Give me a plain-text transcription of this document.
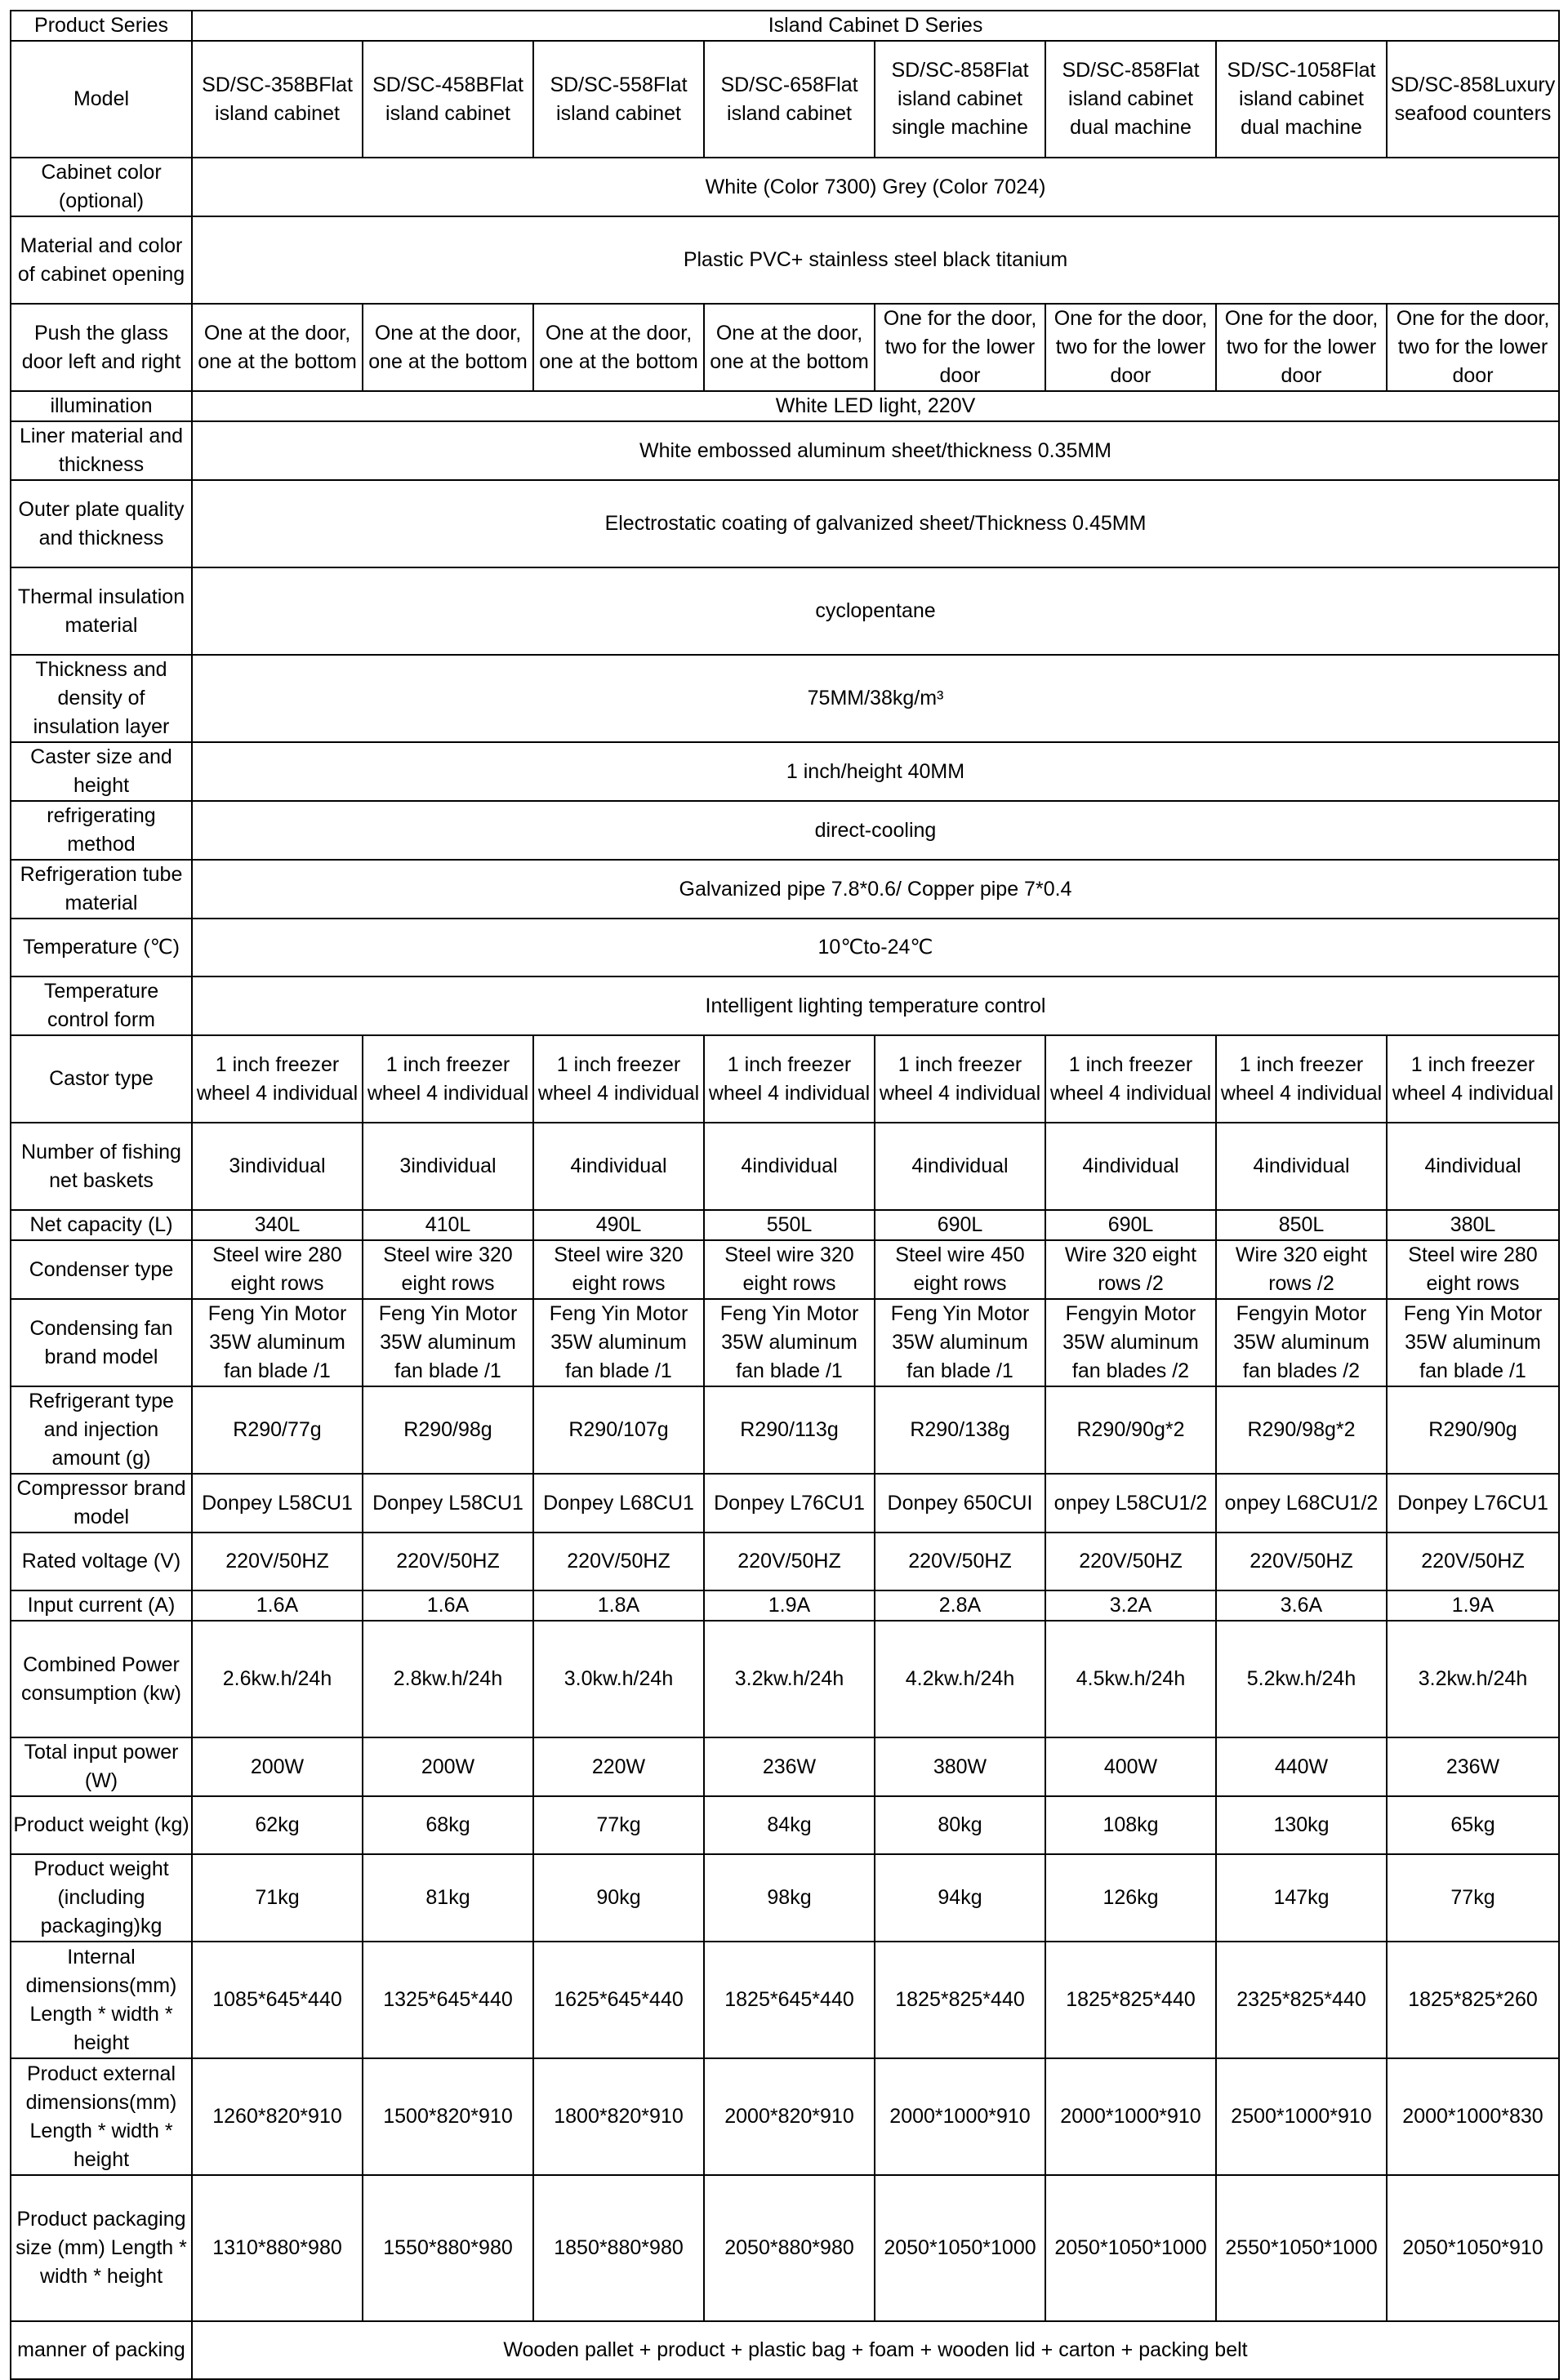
Product Series	Island Cabinet D Series							
Model	SD/SC-358BFlat island cabinet	SD/SC-458BFlat island cabinet	SD/SC-558Flat island cabinet	SD/SC-658Flat island cabinet	SD/SC-858Flat island cabinet single machine	SD/SC-858Flat island cabinet dual machine	SD/SC-1058Flat island cabinet dual machine	SD/SC-858Luxury seafood counters
Cabinet color (optional)	White (Color 7300) Grey (Color 7024)							
Material and color of cabinet opening	Plastic PVC+ stainless steel black titanium							
Push the glass door left and right	One at the door, one at the bottom	One at the door, one at the bottom	One at the door, one at the bottom	One at the door, one at the bottom	One for the door, two for the lower door	One for the door, two for the lower door	One for the door, two for the lower door	One for the door, two for the lower door
illumination	White LED light, 220V							
Liner material and thickness	White embossed aluminum sheet/thickness 0.35MM							
Outer plate quality and thickness	Electrostatic coating of galvanized sheet/Thickness 0.45MM							
Thermal insulation material	cyclopentane							
Thickness and density of insulation layer	75MM/38kg/m³							
Caster size and height	1 inch/height 40MM							
refrigerating method	direct-cooling							
Refrigeration tube material	Galvanized pipe 7.8*0.6/ Copper pipe 7*0.4							
Temperature (℃)	10℃to-24℃							
Temperature control form	Intelligent lighting temperature control							
Castor type	1 inch freezer wheel 4 individual	1 inch freezer wheel 4 individual	1 inch freezer wheel 4 individual	1 inch freezer wheel 4 individual	1 inch freezer wheel 4 individual	1 inch freezer wheel 4 individual	1 inch freezer wheel 4 individual	1 inch freezer wheel 4 individual
Number of fishing net baskets	3individual	3individual	4individual	4individual	4individual	4individual	4individual	4individual
Net capacity (L)	340L	410L	490L	550L	690L	690L	850L	380L
Condenser type	Steel wire 280 eight rows	Steel wire 320 eight rows	Steel wire 320 eight rows	Steel wire 320 eight rows	Steel wire 450 eight rows	Wire 320 eight rows /2	Wire 320 eight rows /2	Steel wire 280 eight rows
Condensing fan brand model	Feng Yin Motor 35W aluminum fan blade /1	Feng Yin Motor 35W aluminum fan blade /1	Feng Yin Motor 35W aluminum fan blade /1	Feng Yin Motor 35W aluminum fan blade /1	Feng Yin Motor 35W aluminum fan blade /1	Fengyin Motor 35W aluminum fan blades /2	Fengyin Motor 35W aluminum fan blades /2	Feng Yin Motor 35W aluminum fan blade /1
Refrigerant type and injection amount (g)	R290/77g	R290/98g	R290/107g	R290/113g	R290/138g	R290/90g*2	R290/98g*2	R290/90g
Compressor brand model	Donpey L58CU1	Donpey L58CU1	Donpey L68CU1	Donpey L76CU1	Donpey 650CUI	onpey L58CU1/2	onpey L68CU1/2	Donpey L76CU1
Rated voltage (V)	220V/50HZ	220V/50HZ	220V/50HZ	220V/50HZ	220V/50HZ	220V/50HZ	220V/50HZ	220V/50HZ
Input current (A)	1.6A	1.6A	1.8A	1.9A	2.8A	3.2A	3.6A	1.9A
Combined Power consumption (kw)	2.6kw.h/24h	2.8kw.h/24h	3.0kw.h/24h	3.2kw.h/24h	4.2kw.h/24h	4.5kw.h/24h	5.2kw.h/24h	3.2kw.h/24h
Total input power (W)	200W	200W	220W	236W	380W	400W	440W	236W
Product weight (kg)	62kg	68kg	77kg	84kg	80kg	108kg	130kg	65kg
Product weight (including packaging)kg	71kg	81kg	90kg	98kg	94kg	126kg	147kg	77kg
Internal dimensions(mm) Length * width * height	1085*645*440	1325*645*440	1625*645*440	1825*645*440	1825*825*440	1825*825*440	2325*825*440	1825*825*260
Product external dimensions(mm) Length * width * height	1260*820*910	1500*820*910	1800*820*910	2000*820*910	2000*1000*910	2000*1000*910	2500*1000*910	2000*1000*830
Product packaging size (mm) Length * width * height	1310*880*980	1550*880*980	1850*880*980	2050*880*980	2050*1050*1000	2050*1050*1000	2550*1050*1000	2050*1050*910
manner of packing	Wooden pallet + product + plastic bag + foam + wooden lid + carton + packing belt							
